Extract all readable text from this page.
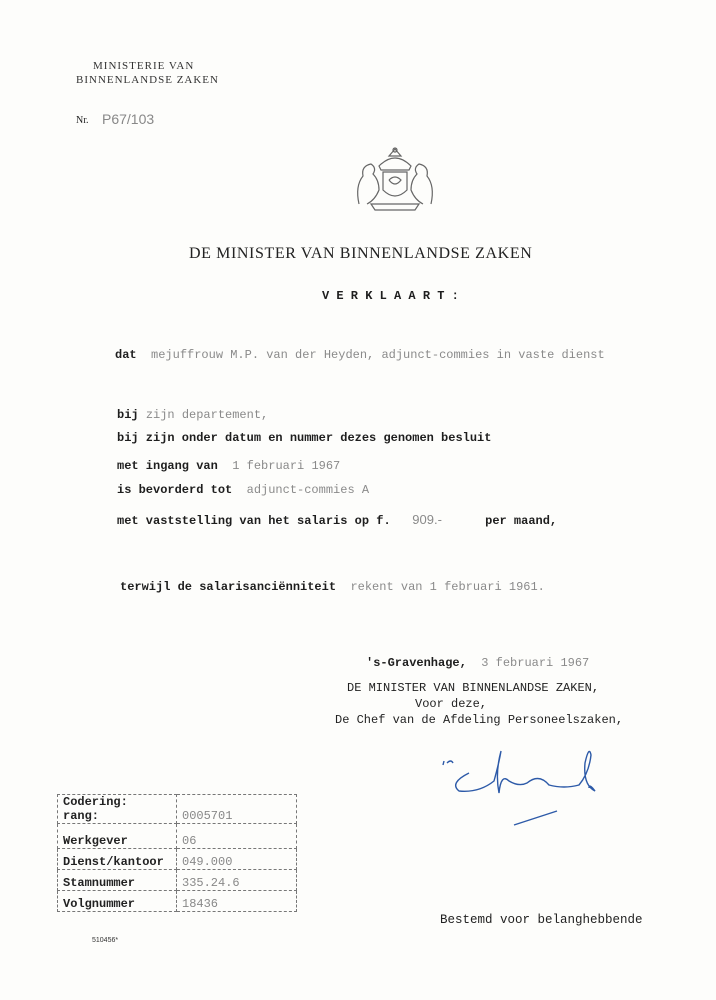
MINISTERIE VAN
BINNENLANDSE ZAKEN
Nr. P67/103

DE MINISTER VAN BINNENLANDSE ZAKEN
V E R K L A A R T :
dat mejuffrouw M.P. van der Heyden, adjunct-commies in vaste dienst
bij zijn departement,
bij zijn onder datum en nummer dezes genomen besluit
met ingang van 1 februari 1967
is bevorderd tot adjunct-commies A
met vaststelling van het salaris op f. 909.-	per maand,
terwijl de salarisanciënniteit rekent van 1 februari 1961.
's-Gravenhage, 3 februari 1967
DE MINISTER VAN BINNENLANDSE ZAKEN,
Voor deze,
De Chef van de Afdeling Personeelszaken,

Codering: rang:	0005701
Werkgever	06
Dienst/kantoor	049.000
Stamnummer	335.24.6
Volgnummer	18436
510456*
Bestemd voor belanghebbende
